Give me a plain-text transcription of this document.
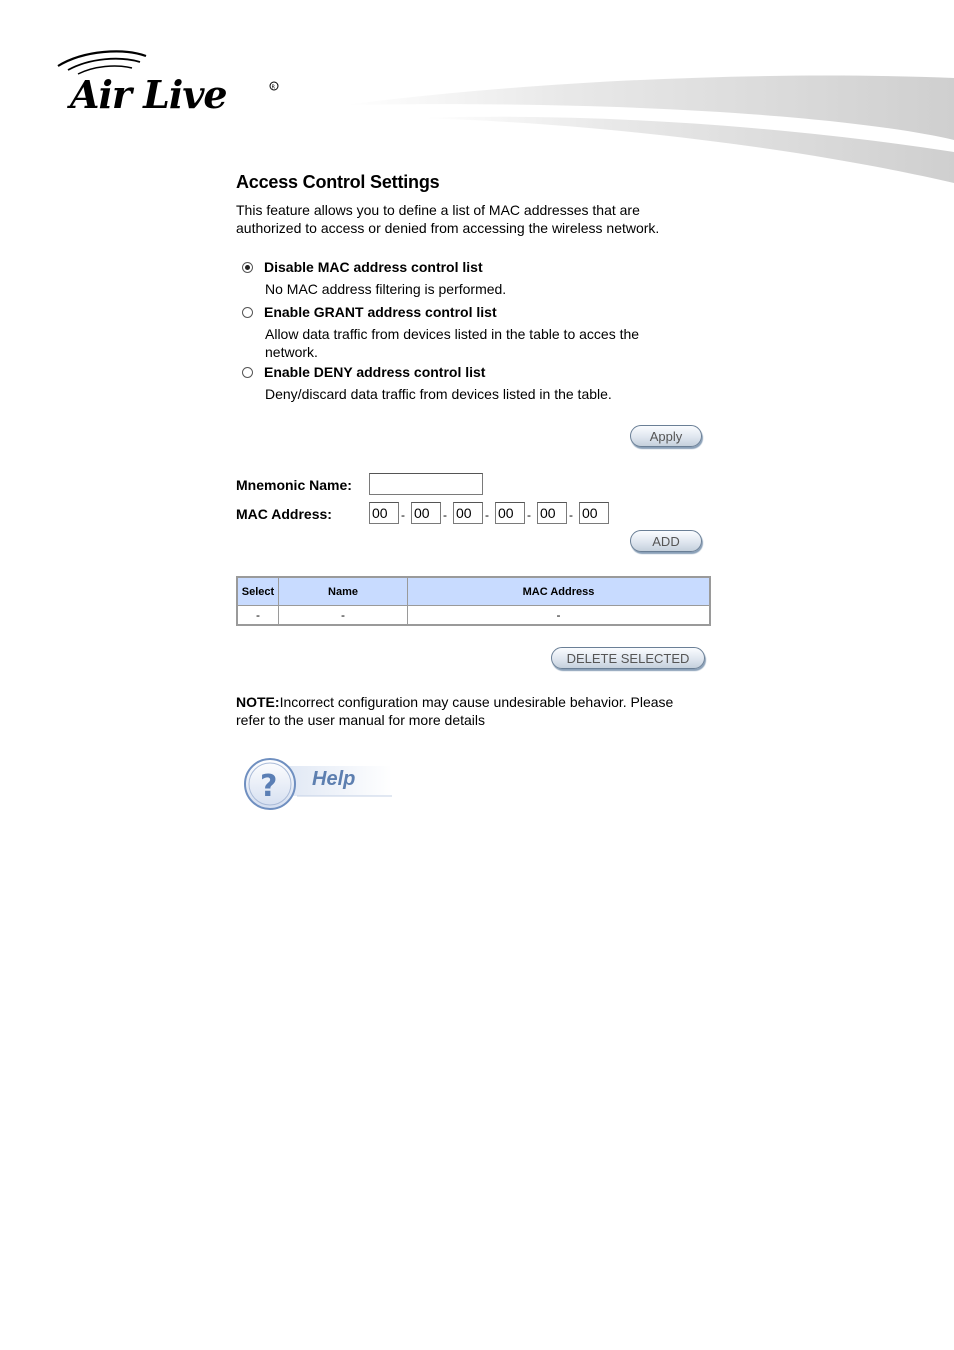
Air Live	R
Access Control Settings
This feature allows you to define a list of MAC addresses that are authorized to access or denied from accessing the wireless network.
Disable MAC address control list
No MAC address filtering is performed.
Enable GRANT address control list
Allow data traffic from devices listed in the table to acces the network.
Enable DENY address control list
Deny/discard data traffic from devices listed in the table.
Apply
Mnemonic Name:
MAC Address:
00	-
00	-
00	-
00	-
00	-
00
ADD
Select	Name	MAC Address
-	-	-
DELETE SELECTED
NOTE:Incorrect configuration may cause undesirable behavior. Please refer to the user manual for more details
? Help
